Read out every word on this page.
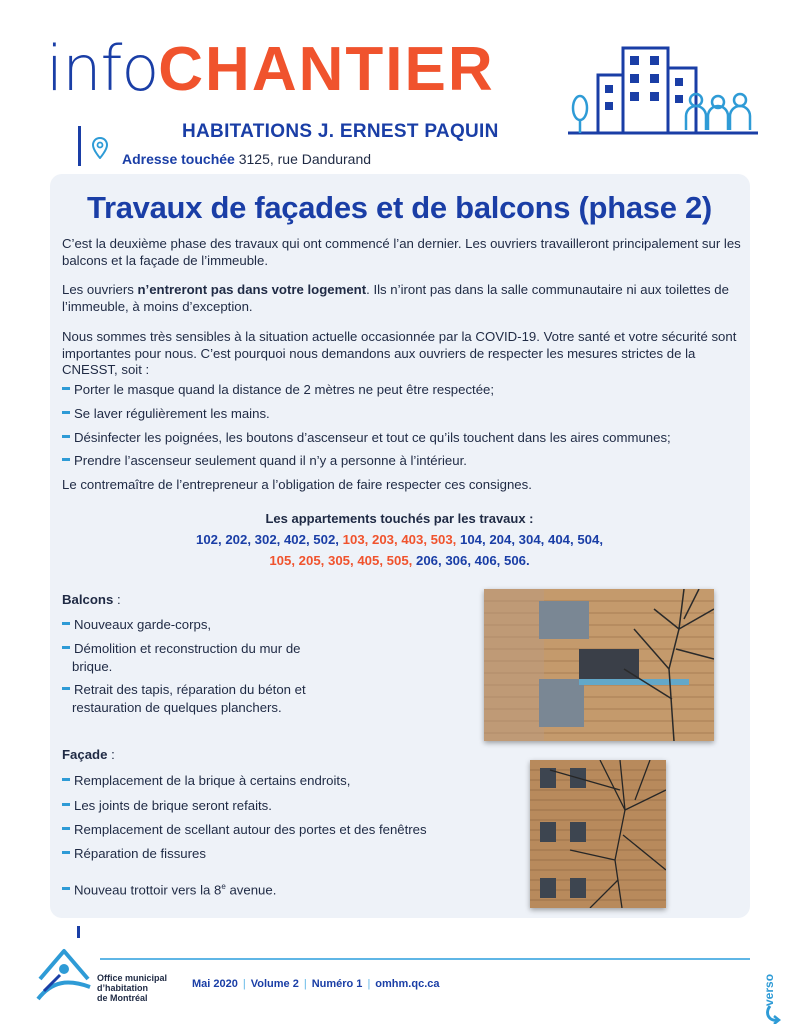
infoCHANTIER
HABITATIONS J. ERNEST PAQUIN
Adresse touchée 3125, rue Dandurand
Travaux de façades et de balcons (phase 2)
C’est la deuxième phase des travaux qui ont commencé l’an dernier. Les ouvriers travailleront principalement sur les balcons et la façade de l’immeuble.
Les ouvriers n’entreront pas dans votre logement. Ils n’iront pas dans la salle communautaire ni aux toilettes de l’immeuble, à moins d’exception.
Nous sommes très sensibles à la situation actuelle occasionnée par la COVID-19. Votre santé et votre sécurité sont importantes pour nous. C’est pourquoi nous demandons aux ouvriers de respecter les mesures strictes de la CNESST, soit :
Porter le masque quand la distance de 2 mètres ne peut être respectée;
Se laver régulièrement les mains.
Désinfecter les poignées, les boutons d’ascenseur et tout ce qu’ils touchent dans les aires communes;
Prendre l’ascenseur seulement quand il n’y a personne à l’intérieur.
Le contremaître de l’entrepreneur a l’obligation de faire respecter ces consignes.
Les appartements touchés par les travaux :
102, 202, 302, 402, 502, 103, 203, 403, 503, 104, 204, 304, 404, 504,
105, 205, 305, 405, 505, 206, 306, 406, 506.
Balcons :
Nouveaux garde-corps,
Démolition et reconstruction du mur de
brique.
Retrait des tapis, réparation du béton et
restauration de quelques planchers.
Façade :
Remplacement de la brique à certains endroits,
Les joints de brique seront refaits.
Remplacement de scellant autour des portes et des fenêtres
Réparation de fissures
Nouveau trottoir vers la 8e avenue.
Office municipal
d’habitation
de Montréal
Mai 2020 | Volume 2 | Numéro 1 | omhm.qc.ca	verso
